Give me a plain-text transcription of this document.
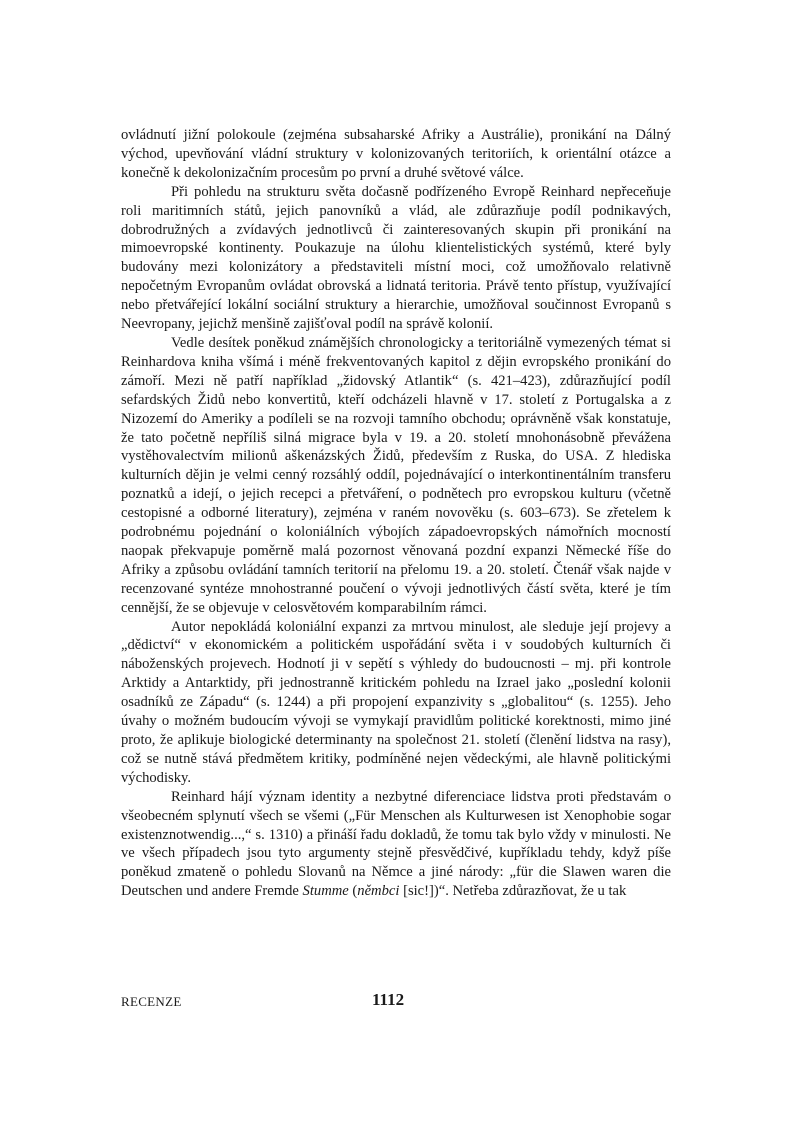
ovládnutí jižní polokoule (zejména subsaharské Afriky a Austrálie), pronikání na Dálný východ, upevňování vládní struktury v kolonizovaných teritoriích, k orientální otázce a konečně k dekolonizačním procesům po první a druhé světové válce.

Při pohledu na strukturu světa dočasně podřízeného Evropě Reinhard nepřeceňuje roli maritimních států, jejich panovníků a vlád, ale zdůrazňuje podíl podnikavých, dobrodružných a zvídavých jednotlivců či zainteresovaných skupin při pronikání na mimoevropské kontinenty. Poukazuje na úlohu klientelistických systémů, které byly budovány mezi kolonizátory a představiteli místní moci, což umožňovalo relativně nepočetným Evropanům ovládat obrovská a lidnatá teritoria. Právě tento přístup, využívající nebo přetvářející lokální sociální struktury a hierarchie, umožňoval součinnost Evropanů s Neevropany, jejichž menšině zajišťoval podíl na správě kolonií.

Vedle desítek poněkud známějších chronologicky a teritoriálně vymezených témat si Reinhardova kniha všímá i méně frekventovaných kapitol z dějin evropského pronikání do zámoří. Mezi ně patří například „židovský Atlantik“ (s. 421–423), zdůrazňující podíl sefardských Židů nebo konvertitů, kteří odcházeli hlavně v 17. století z Portugalska a z Nizozemí do Ameriky a podíleli se na rozvoji tamního obchodu; oprávněně však konstatuje, že tato početně nepříliš silná migrace byla v 19. a 20. století mnohonásobně převážena vystěhovalectvím milionů aškenázských Židů, především z Ruska, do USA. Z hlediska kulturních dějin je velmi cenný rozsáhlý oddíl, pojednávající o interkontinentálním transferu poznatků a idejí, o jejich recepci a přetváření, o podnětech pro evropskou kulturu (včetně cestopisné a odborné literatury), zejména v raném novověku (s. 603–673). Se zřetelem k podrobnému pojednání o koloniálních výbojích západoevropských námořních mocností naopak překvapuje poměrně malá pozornost věnovaná pozdní expanzi Německé říše do Afriky a způsobu ovládání tamních teritorií na přelomu 19. a 20. století. Čtenář však najde v recenzované syntéze mnohostranné poučení o vývoji jednotlivých částí světa, které je tím cennější, že se objevuje v celosvětovém komparabilním rámci.

Autor nepokládá koloniální expanzi za mrtvou minulost, ale sleduje její projevy a „dědictví“ v ekonomickém a politickém uspořádání světa i v soudobých kulturních či náboženských projevech. Hodnotí ji v sepětí s výhledy do budoucnosti – mj. při kontrole Arktidy a Antarktidy, při jednostranně kritickém pohledu na Izrael jako „poslední kolonii osadníků ze Západu“ (s. 1244) a při propojení expanzivity s „globalitou“ (s. 1255). Jeho úvahy o možném budoucím vývoji se vymykají pravidlům politické korektnosti, mimo jiné proto, že aplikuje biologické determinanty na společnost 21. století (členění lidstva na rasy), což se nutně stává předmětem kritiky, podmíněné nejen vědeckými, ale hlavně politickými východisky.

Reinhard hájí význam identity a nezbytné diferenciace lidstva proti představám o všeobecném splynutí všech se všemi („Für Menschen als Kulturwesen ist Xenophobie sogar existenznotwendig...,“ s. 1310) a přináší řadu dokladů, že tomu tak bylo vždy v minulosti. Ne ve všech případech jsou tyto argumenty stejně přesvědčivé, kupříkladu tehdy, když píše poněkud zmateně o pohledu Slovanů na Němce a jiné národy: „für die Slawen waren die Deutschen und andere Fremde Stumme (němbci [sic!])“. Netřeba zdůrazňovat, že u tak

RECENZE	1112
